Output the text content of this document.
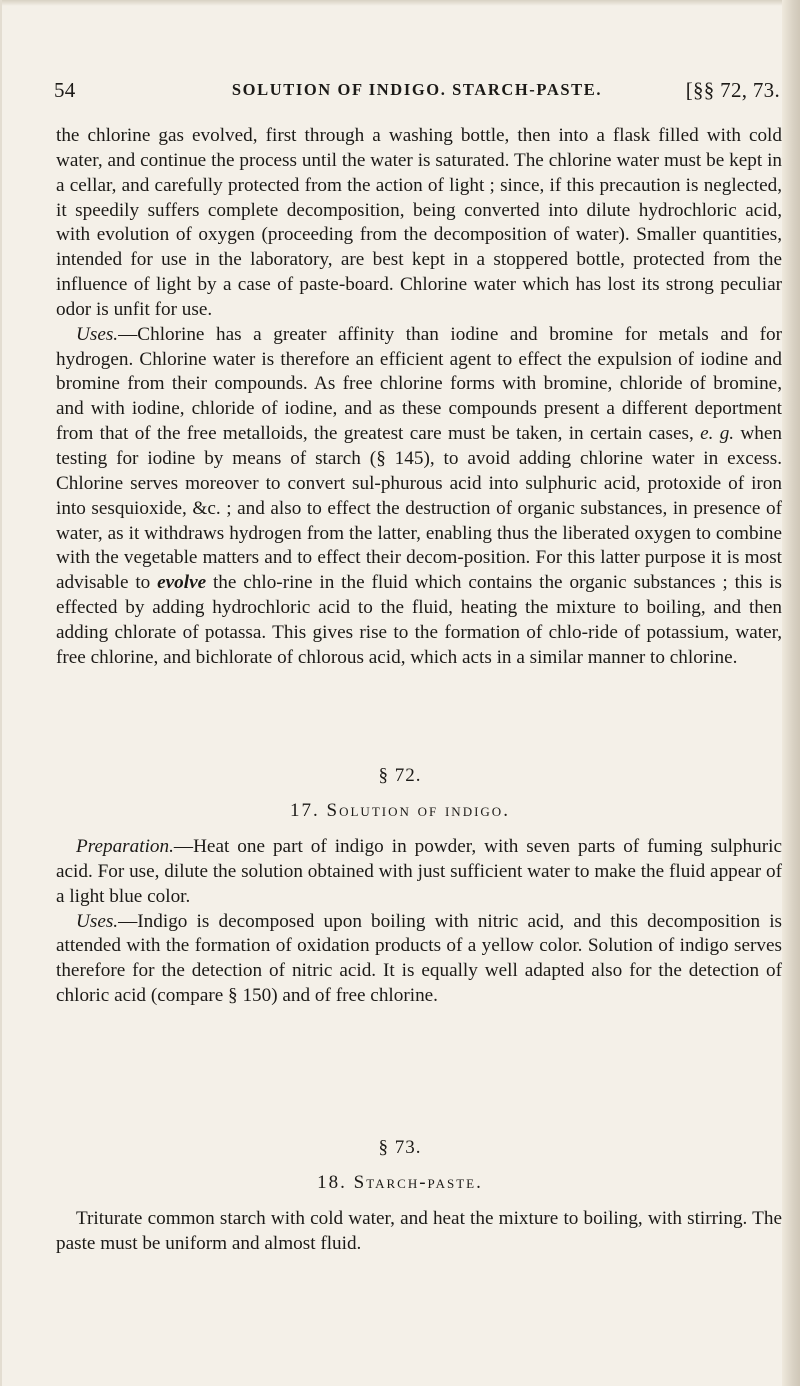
54	SOLUTION OF INDIGO. STARCH-PASTE.	[§§ 72, 73.

the chlorine gas evolved, first through a washing bottle, then into a flask filled with cold water, and continue the process until the water is saturated. The chlorine water must be kept in a cellar, and carefully protected from the action of light ; since, if this precaution is neglected, it speedily suffers complete decomposition, being converted into dilute hydrochloric acid, with evolution of oxygen (proceeding from the decomposition of water). Smaller quantities, intended for use in the laboratory, are best kept in a stoppered bottle, protected from the influence of light by a case of paste-board. Chlorine water which has lost its strong peculiar odor is unfit for use.

Uses.—Chlorine has a greater affinity than iodine and bromine for metals and for hydrogen. Chlorine water is therefore an efficient agent to effect the expulsion of iodine and bromine from their compounds. As free chlorine forms with bromine, chloride of bromine, and with iodine, chloride of iodine, and as these compounds present a different deportment from that of the free metalloids, the greatest care must be taken, in certain cases, e. g. when testing for iodine by means of starch (§ 145), to avoid adding chlorine water in excess. Chlorine serves moreover to convert sul-phurous acid into sulphuric acid, protoxide of iron into sesquioxide, &c. ; and also to effect the destruction of organic substances, in presence of water, as it withdraws hydrogen from the latter, enabling thus the liberated oxygen to combine with the vegetable matters and to effect their decom-position. For this latter purpose it is most advisable to evolve the chlo-rine in the fluid which contains the organic substances ; this is effected by adding hydrochloric acid to the fluid, heating the mixture to boiling, and then adding chlorate of potassa. This gives rise to the formation of chlo-ride of potassium, water, free chlorine, and bichlorate of chlorous acid, which acts in a similar manner to chlorine.

§ 72.
17. Solution of indigo.

Preparation.—Heat one part of indigo in powder, with seven parts of fuming sulphuric acid. For use, dilute the solution obtained with just sufficient water to make the fluid appear of a light blue color.

Uses.—Indigo is decomposed upon boiling with nitric acid, and this decomposition is attended with the formation of oxidation products of a yellow color. Solution of indigo serves therefore for the detection of nitric acid. It is equally well adapted also for the detection of chloric acid (compare § 150) and of free chlorine.

§ 73.
18. Starch-paste.

Triturate common starch with cold water, and heat the mixture to boiling, with stirring. The paste must be uniform and almost fluid.
